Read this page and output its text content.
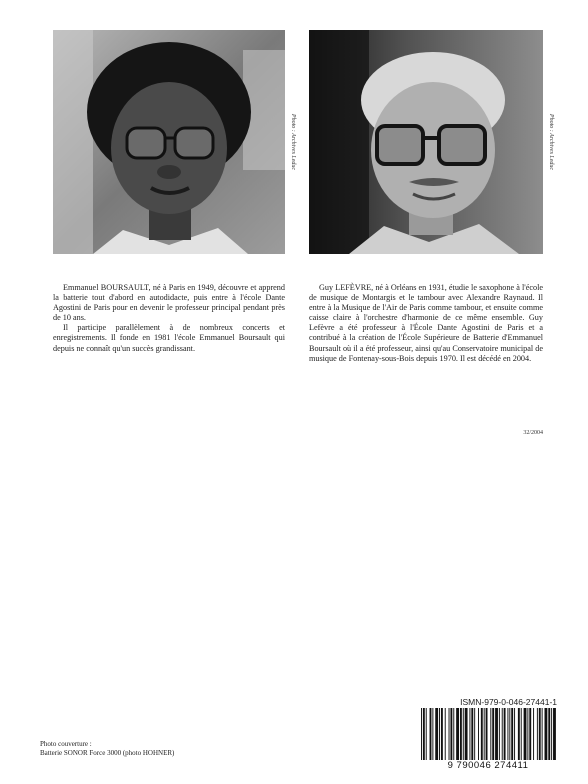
Photo : Archives Leduc	Photo : Archives Leduc

Emmanuel BOURSAULT, né à Paris en 1949, découvre et apprend la batterie tout d'abord en autodidacte, puis entre à l'école Dante Agostini de Paris pour en devenir le professeur principal pendant près de 10 ans.

Il participe parallèlement à de nombreux concerts et enregistrements. Il fonde en 1981 l'école Emmanuel Boursault qui depuis ne connaît qu'un succès grandissant.

Guy LEFÈVRE, né à Orléans en 1931, étudie le saxophone à l'école de musique de Montargis et le tambour avec Alexandre Raynaud. Il entre à la Musique de l'Air de Paris comme tambour, et ensuite comme caisse claire à l'orchestre d'harmonie de ce même ensemble. Guy Lefèvre a été professeur à l'École Dante Agostini de Paris et a contribué à la création de l'École Supérieure de Batterie d'Emmanuel Boursault où il a été professeur, ainsi qu'au Conservatoire municipal de musique de Fontenay-sous-Bois depuis 1970. Il est décédé en 2004.

32/2004
Photo couverture :
Batterie SONOR Force 3000 (photo HOHNER)
ISMN-979-0-046-27441-1
9 790046 274411
